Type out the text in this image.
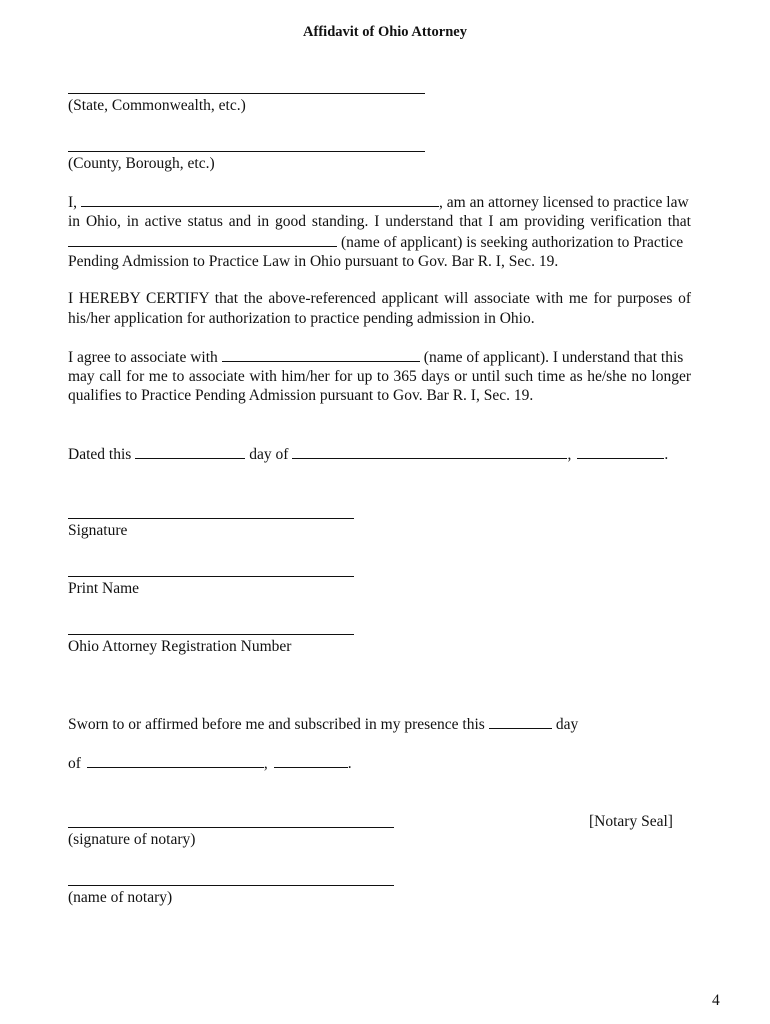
Affidavit of Ohio Attorney
(State, Commonwealth, etc.)
(County, Borough, etc.)
I,	, am an attorney licensed to practice law
in Ohio, in active status and in good standing. I understand that I am providing verification that
(name of applicant) is seeking authorization to Practice
Pending Admission to Practice Law in Ohio pursuant to Gov. Bar R. I, Sec. 19.
I HEREBY CERTIFY that the above-referenced applicant will associate with me for purposes of
his/her application for authorization to practice pending admission in Ohio.
I agree to associate with	(name of applicant). I understand that this
may call for me to associate with him/her for up to 365 days or until such time as he/she no longer
qualifies to Practice Pending Admission pursuant to Gov. Bar R. I, Sec. 19.
Dated this	day of	,	.
Signature
Print Name
Ohio Attorney Registration Number
Sworn to or affirmed before me and subscribed in my presence this	day
of	,	.
[Notary Seal]
(signature of notary)
(name of notary)
4
